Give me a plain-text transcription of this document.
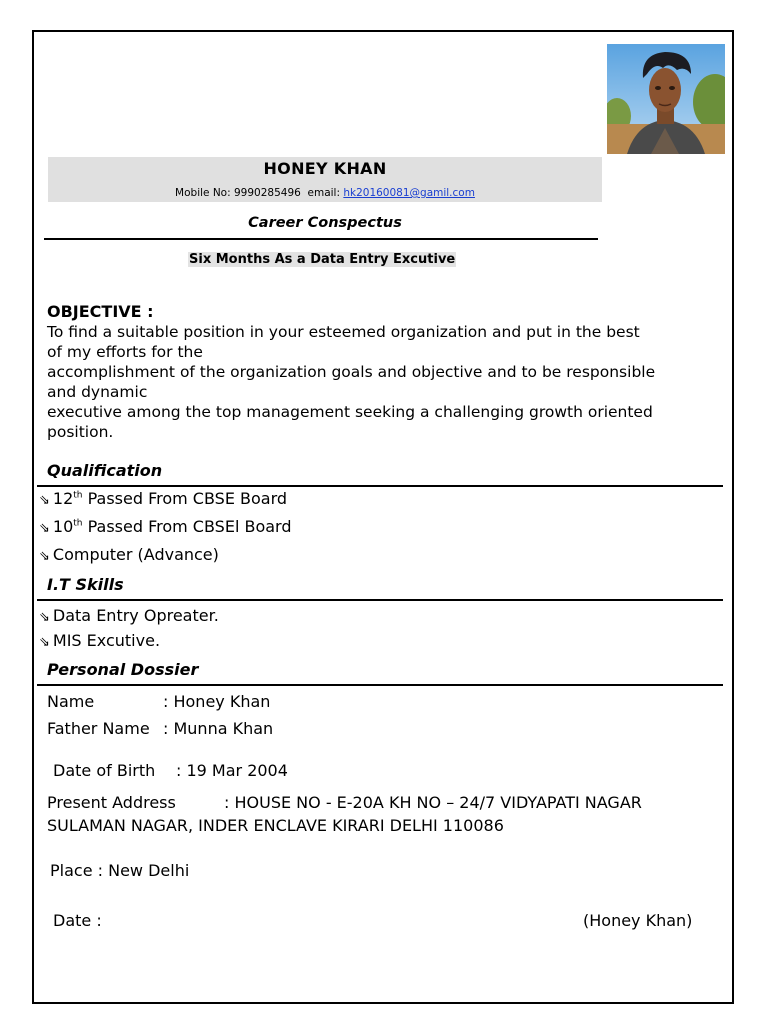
HONEY KHAN
Mobile No: 9990285496 email: hk20160081@gamil.com
Career Conspectus
Six Months As a Data Entry Excutive
OBJECTIVE :
To find a suitable position in your esteemed organization and put in the best
of my efforts for the
accomplishment of the organization goals and objective and to be responsible
and dynamic
executive among the top management seeking a challenging growth oriented
position.
Qualification
⇘ 12th Passed From CBSE Board
⇘ 10th Passed From CBSEl Board
⇘ Computer (Advance)
I.T Skills
⇘ Data Entry Opreater.
⇘ MIS Excutive.
Personal Dossier
Name	: Honey Khan
Father Name : Munna Khan
Date of Birth : 19 Mar 2004
Present Address	: HOUSE NO - E-20A KH NO – 24/7 VIDYAPATI NAGAR
SULAMAN NAGAR, INDER ENCLAVE KIRARI DELHI 110086
Place : New Delhi
Date :	(Honey Khan)
